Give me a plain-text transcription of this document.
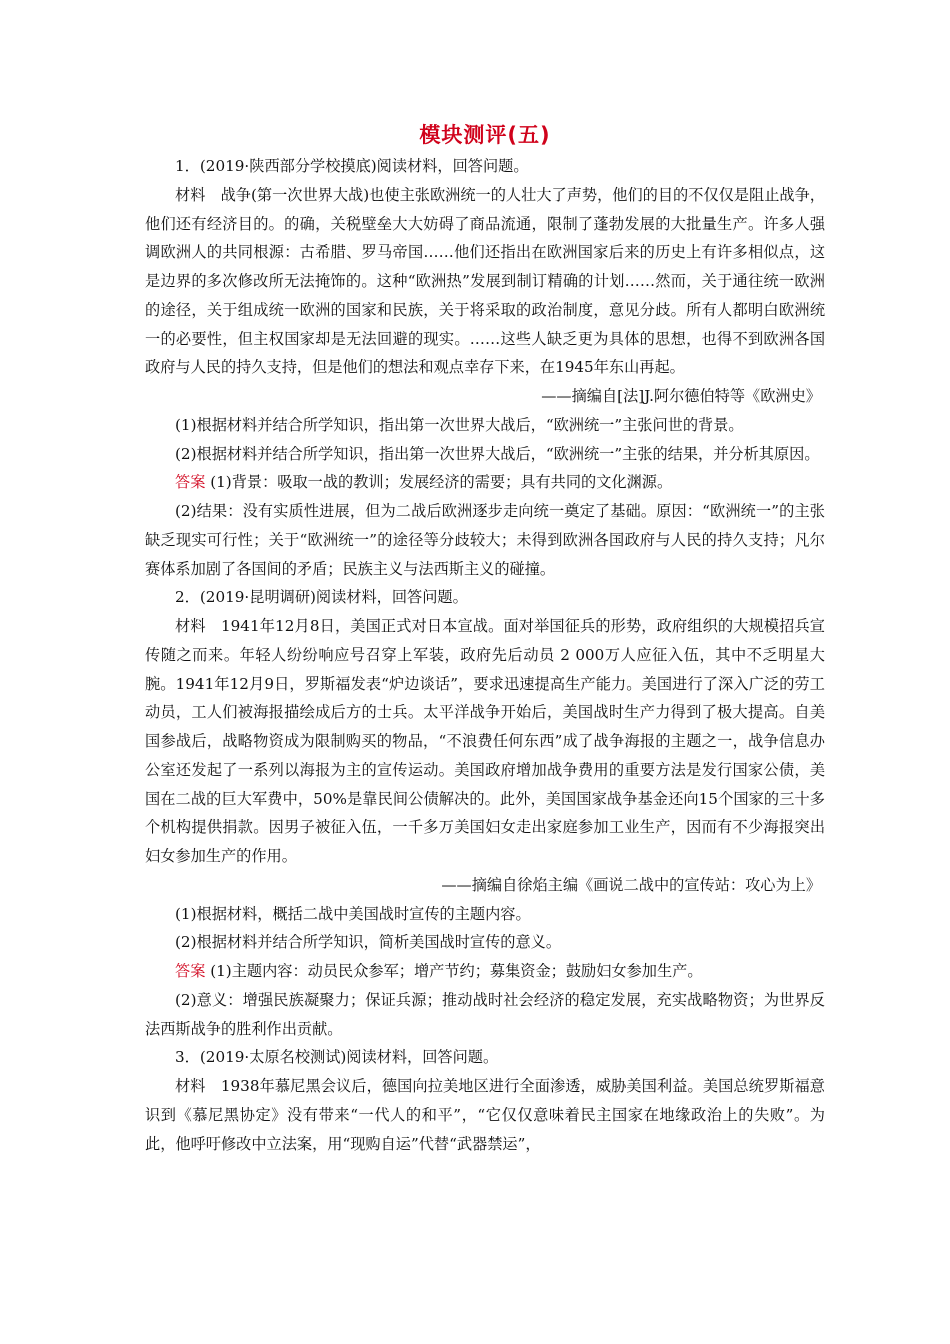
模块测评(五)

1．(2019·陕西部分学校摸底)阅读材料，回答问题。

材料　战争(第一次世界大战)也使主张欧洲统一的人壮大了声势，他们的目的不仅仅是阻止战争，他们还有经济目的。的确，关税壁垒大大妨碍了商品流通，限制了蓬勃发展的大批量生产。许多人强调欧洲人的共同根源：古希腊、罗马帝国……他们还指出在欧洲国家后来的历史上有许多相似点，这是边界的多次修改所无法掩饰的。这种“欧洲热”发展到制订精确的计划……然而，关于通往统一欧洲的途径，关于组成统一欧洲的国家和民族，关于将采取的政治制度，意见分歧。所有人都明白欧洲统一的必要性，但主权国家却是无法回避的现实。……这些人缺乏更为具体的思想，也得不到欧洲各国政府与人民的持久支持，但是他们的想法和观点幸存下来，在1945年东山再起。

——摘编自[法]J.阿尔德伯特等《欧洲史》

(1)根据材料并结合所学知识，指出第一次世界大战后，“欧洲统一”主张问世的背景。

(2)根据材料并结合所学知识，指出第一次世界大战后，“欧洲统一”主张的结果，并分析其原因。

答案 (1)背景：吸取一战的教训；发展经济的需要；具有共同的文化渊源。

(2)结果：没有实质性进展，但为二战后欧洲逐步走向统一奠定了基础。原因：“欧洲统一”的主张缺乏现实可行性；关于“欧洲统一”的途径等分歧较大；未得到欧洲各国政府与人民的持久支持；凡尔赛体系加剧了各国间的矛盾；民族主义与法西斯主义的碰撞。

2．(2019·昆明调研)阅读材料，回答问题。

材料　1941年12月8日，美国正式对日本宣战。面对举国征兵的形势，政府组织的大规模招兵宣传随之而来。年轻人纷纷响应号召穿上军装，政府先后动员 2 000万人应征入伍，其中不乏明星大腕。1941年12月9日，罗斯福发表“炉边谈话”，要求迅速提高生产能力。美国进行了深入广泛的劳工动员，工人们被海报描绘成后方的士兵。太平洋战争开始后，美国战时生产力得到了极大提高。自美国参战后，战略物资成为限制购买的物品，“不浪费任何东西”成了战争海报的主题之一，战争信息办公室还发起了一系列以海报为主的宣传运动。美国政府增加战争费用的重要方法是发行国家公债，美国在二战的巨大军费中，50%是靠民间公债解决的。此外，美国国家战争基金还向15个国家的三十多个机构提供捐款。因男子被征入伍，一千多万美国妇女走出家庭参加工业生产，因而有不少海报突出妇女参加生产的作用。

——摘编自徐焰主编《画说二战中的宣传站：攻心为上》

(1)根据材料，概括二战中美国战时宣传的主题内容。

(2)根据材料并结合所学知识，简析美国战时宣传的意义。

答案 (1)主题内容：动员民众参军；增产节约；募集资金；鼓励妇女参加生产。

(2)意义：增强民族凝聚力；保证兵源；推动战时社会经济的稳定发展，充实战略物资；为世界反法西斯战争的胜利作出贡献。

3．(2019·太原名校测试)阅读材料，回答问题。

材料　1938年慕尼黑会议后，德国向拉美地区进行全面渗透，威胁美国利益。美国总统罗斯福意识到《慕尼黑协定》没有带来“一代人的和平”，“它仅仅意味着民主国家在地缘政治上的失败”。为此，他呼吁修改中立法案，用“现购自运”代替“武器禁运”，
